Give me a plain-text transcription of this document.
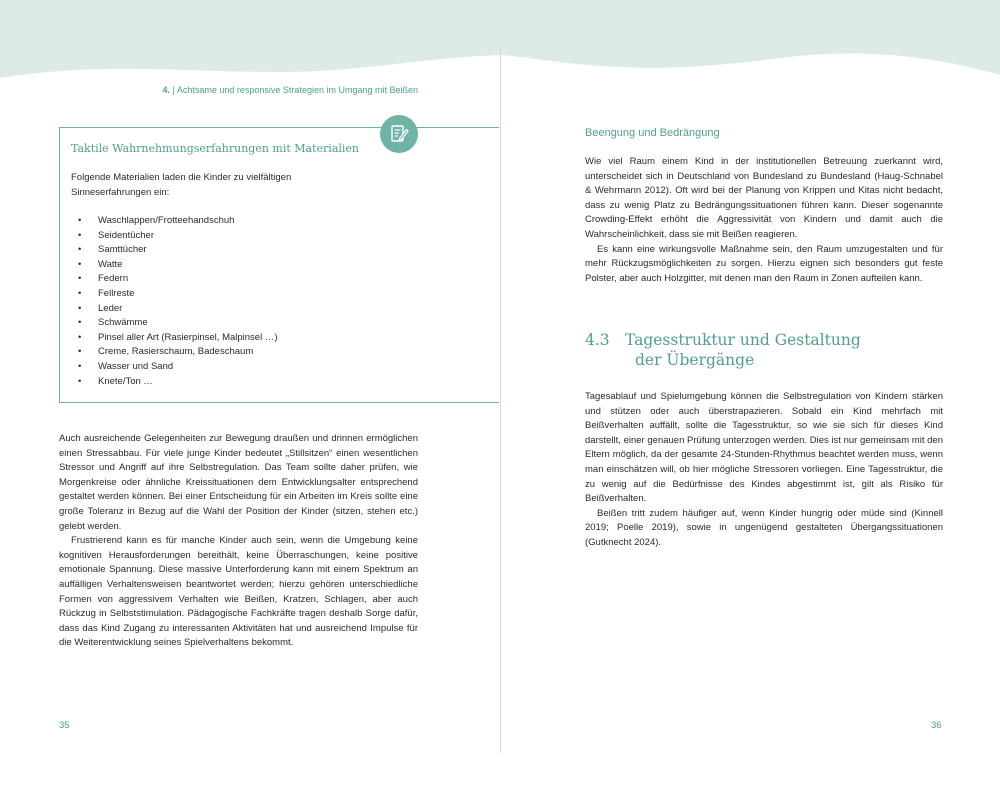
4. | Achtsame und responsive Strategien im Umgang mit Beißen
Taktile Wahrnehmungserfahrungen mit Materialien
Folgende Materialien laden die Kinder zu vielfältigen Sinneserfahrungen ein:
• Waschlappen/Frotteehandschuh
• Seidentücher
• Samttücher
• Watte
• Federn
• Fellreste
• Leder
• Schwämme
• Pinsel aller Art (Rasierpinsel, Malpinsel …)
• Creme, Rasierschaum, Badeschaum
• Wasser und Sand
• Knete/Ton …

Auch ausreichende Gelegenheiten zur Bewegung draußen und drinnen ermöglichen einen Stressabbau. Für viele junge Kinder bedeutet „Stillsitzen“ einen wesentlichen Stressor und Angriff auf ihre Selbstregulation. Das Team sollte daher prüfen, wie Morgenkreise oder ähnliche Kreissituationen dem Entwicklungsalter entsprechend gestaltet werden können. Bei einer Entscheidung für ein Arbeiten im Kreis sollte eine große Toleranz in Bezug auf die Wahl der Position der Kinder (sitzen, stehen etc.) gelebt werden.

Frustrierend kann es für manche Kinder auch sein, wenn die Umgebung keine kognitiven Herausforderungen bereithält, keine Überraschungen, keine positive emotionale Spannung. Diese massive Unterforderung kann mit einem Spektrum an auffälligen Verhaltensweisen beantwortet werden; hierzu gehören unterschiedliche Formen von aggressivem Verhalten wie Beißen, Kratzen, Schlagen, aber auch Rückzug in Selbststimulation. Pädagogische Fachkräfte tragen deshalb Sorge dafür, dass das Kind Zugang zu interessanten Aktivitäten hat und ausreichend Impulse für die Weiterentwicklung seines Spielverhaltens bekommt.

35
Beengung und Bedrängung

Wie viel Raum einem Kind in der institutionellen Betreuung zuerkannt wird, unterscheidet sich in Deutschland von Bundesland zu Bundesland (Haug-Schnabel & Wehrmann 2012). Oft wird bei der Planung von Krippen und Kitas nicht bedacht, dass zu wenig Platz zu Bedrängungssituationen führen kann. Dieser sogenannte Crowding-Effekt erhöht die Aggressivität von Kindern und damit auch die Wahrscheinlichkeit, dass sie mit Beißen reagieren.

Es kann eine wirkungsvolle Maßnahme sein, den Raum umzugestalten und für mehr Rückzugsmöglichkeiten zu sorgen. Hierzu eignen sich besonders gut feste Polster, aber auch Holzgitter, mit denen man den Raum in Zonen aufteilen kann.

4.3 Tagesstruktur und Gestaltung
der Übergänge

Tagesablauf und Spielumgebung können die Selbstregulation von Kindern stärken und stützen oder auch überstrapazieren. Sobald ein Kind mehrfach mit Beißverhalten auffällt, sollte die Tagesstruktur, so wie sie sich für dieses Kind darstellt, einer genauen Prüfung unterzogen werden. Dies ist nur gemeinsam mit den Eltern möglich, da der gesamte 24-Stunden-Rhythmus beachtet werden muss, wenn man einschätzen will, ob hier mögliche Stressoren vorliegen. Eine Tagesstruktur, die zu wenig auf die Bedürfnisse des Kindes abgestimmt ist, gilt als Risiko für Beißverhalten.

Beißen tritt zudem häufiger auf, wenn Kinder hungrig oder müde sind (Kinnell 2019; Poelle 2019), sowie in ungenügend gestalteten Übergangssituationen (Gutknecht 2024).

36
